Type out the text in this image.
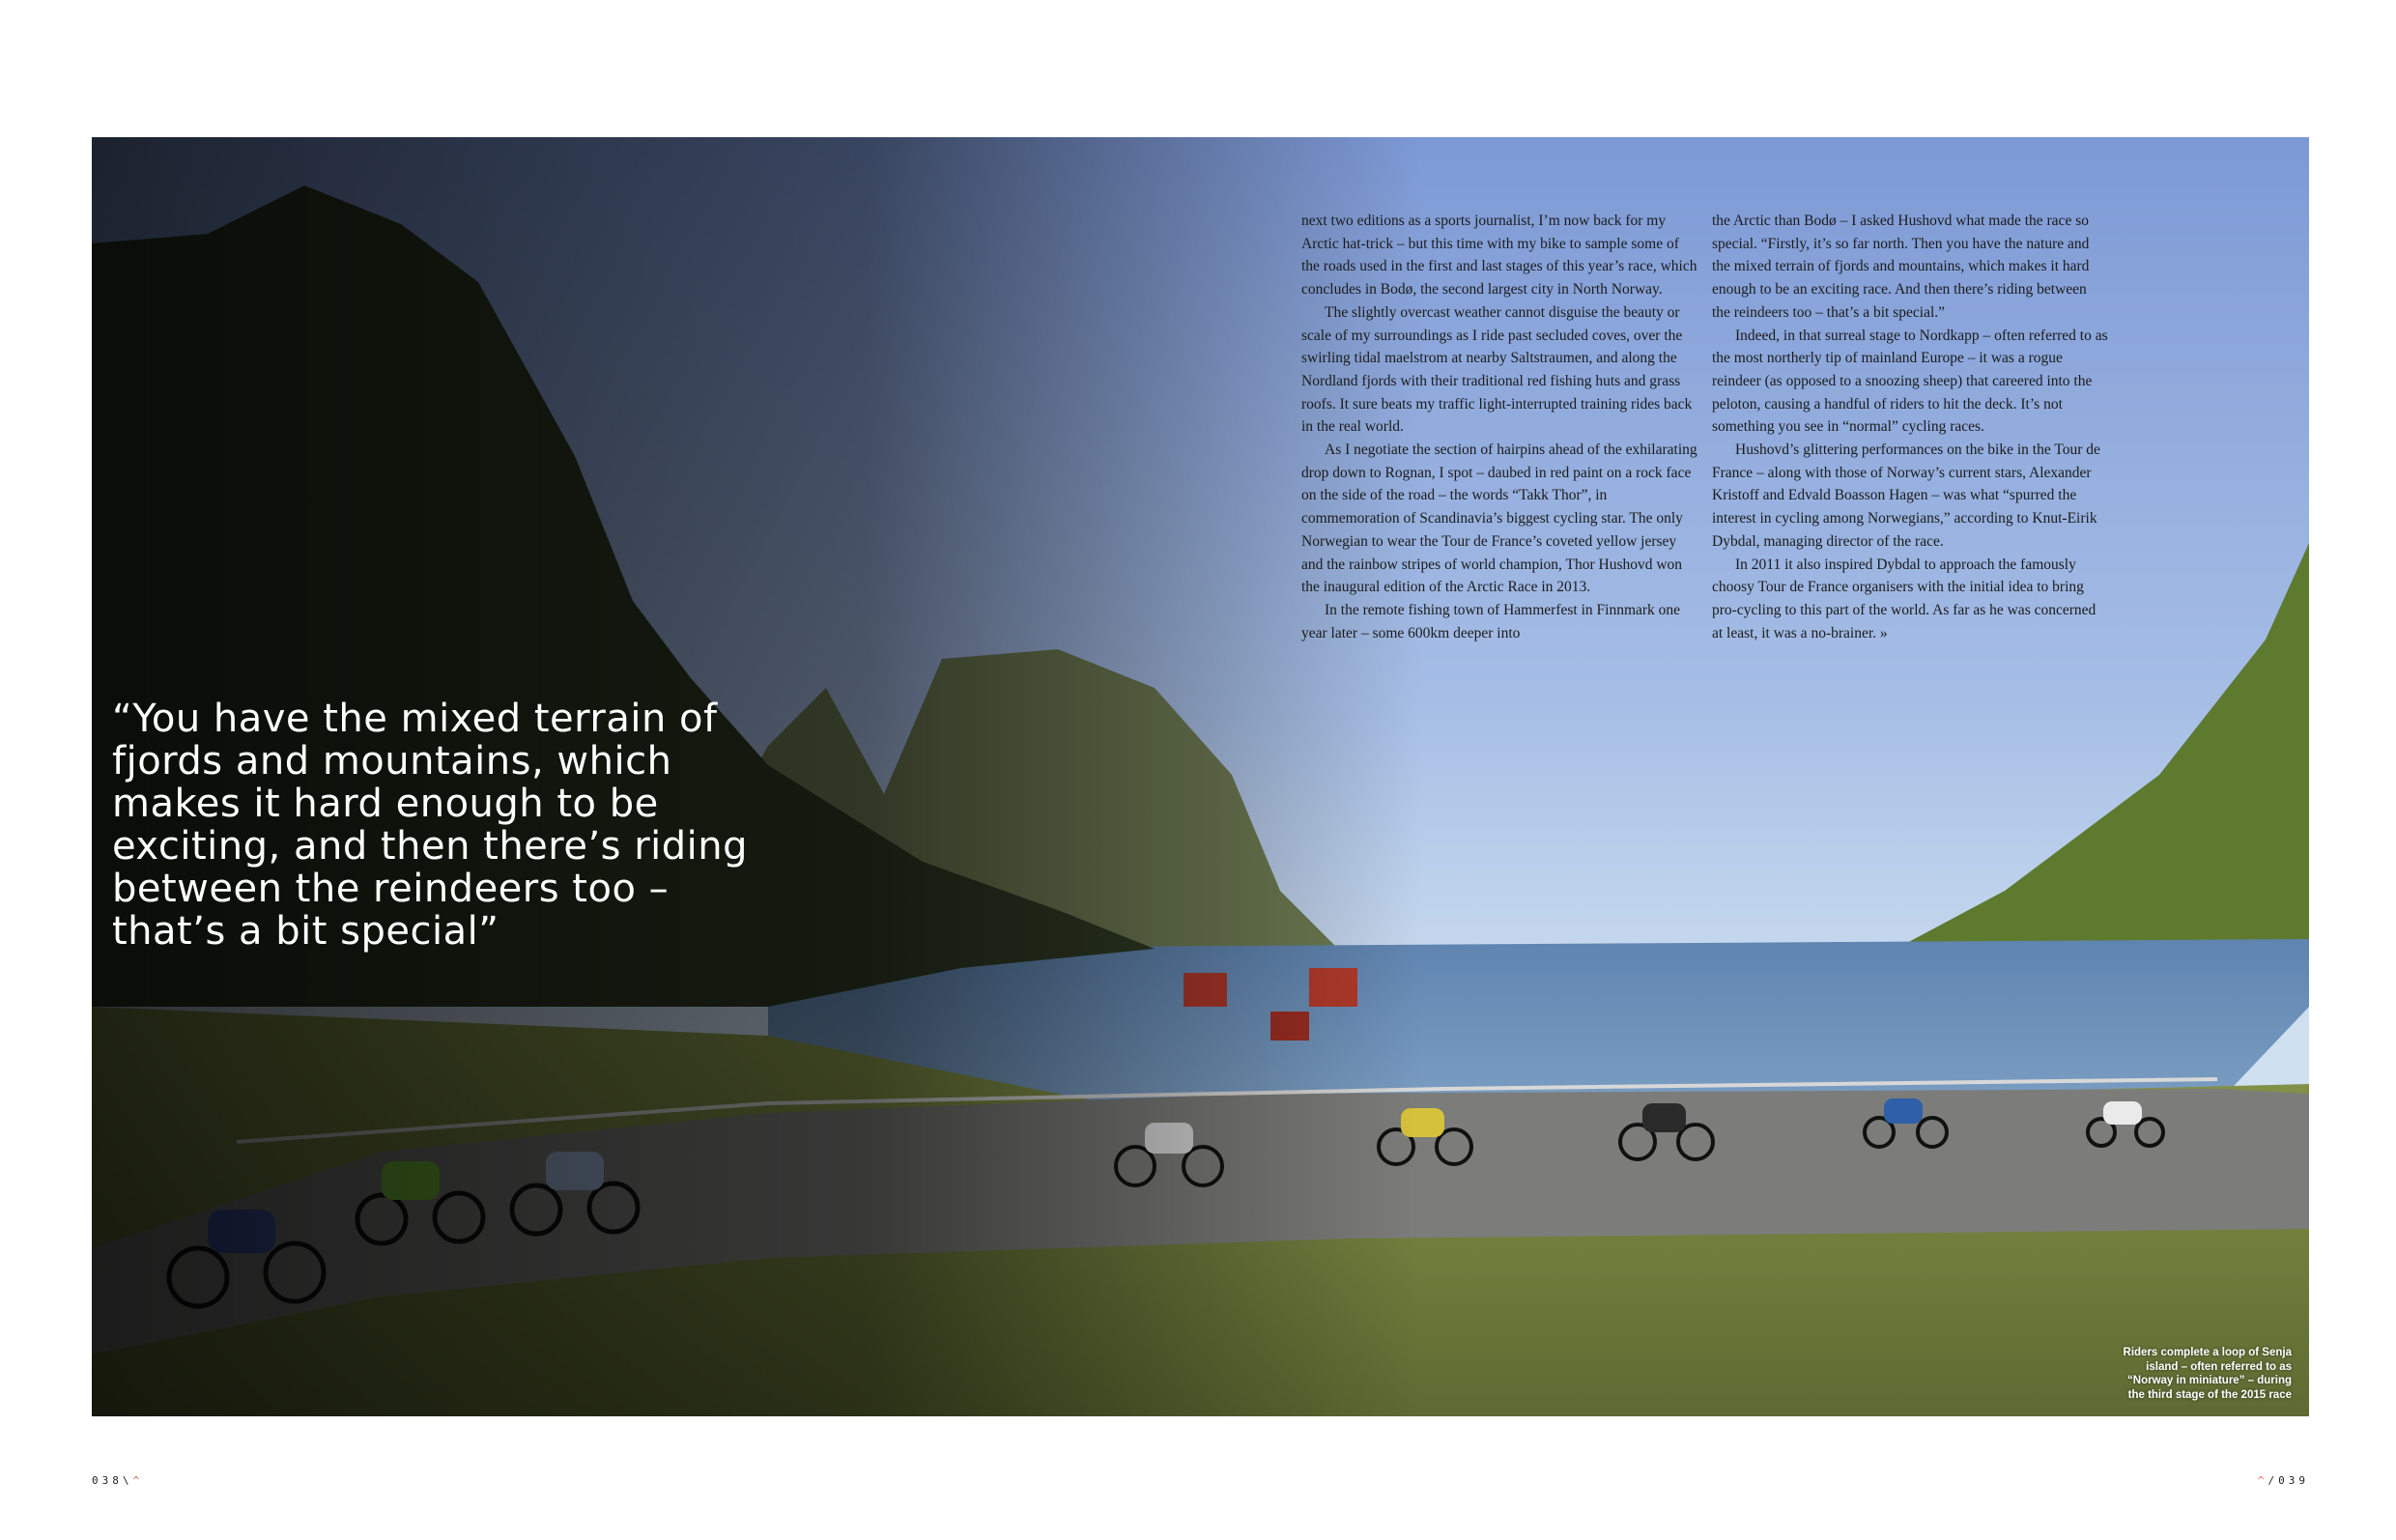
“You have the mixed terrain of fjords and mountains, which makes it hard enough to be exciting, and then there’s riding between the reindeers too – that’s a bit special”

next two editions as a sports journalist, I’m now back for my Arctic hat-trick – but this time with my bike to sample some of the roads used in the first and last stages of this year’s race, which concludes in Bodø, the second largest city in North Norway.

The slightly overcast weather cannot disguise the beauty or scale of my surroundings as I ride past secluded coves, over the swirling tidal maelstrom at nearby Saltstraumen, and along the Nordland fjords with their traditional red fishing huts and grass roofs. It sure beats my traffic light-interrupted training rides back in the real world.

As I negotiate the section of hairpins ahead of the exhilarating drop down to Rognan, I spot – daubed in red paint on a rock face on the side of the road – the words “Takk Thor”, in commemoration of Scandinavia’s biggest cycling star. The only Norwegian to wear the Tour de France’s coveted yellow jersey and the rainbow stripes of world champion, Thor Hushovd won the inaugural edition of the Arctic Race in 2013.

In the remote fishing town of Hammerfest in Finnmark one year later – some 600km deeper into

the Arctic than Bodø – I asked Hushovd what made the race so special. “Firstly, it’s so far north. Then you have the nature and the mixed terrain of fjords and mountains, which makes it hard enough to be an exciting race. And then there’s riding between the reindeers too – that’s a bit special.”

Indeed, in that surreal stage to Nordkapp – often referred to as the most northerly tip of mainland Europe – it was a rogue reindeer (as opposed to a snoozing sheep) that careered into the peloton, causing a handful of riders to hit the deck. It’s not something you see in “normal” cycling races.

Hushovd’s glittering performances on the bike in the Tour de France – along with those of Norway’s current stars, Alexander Kristoff and Edvald Boasson Hagen – was what “spurred the interest in cycling among Norwegians,” according to Knut-Eirik Dybdal, managing director of the race.

In 2011 it also inspired Dybdal to approach the famously choosy Tour de France organisers with the initial idea to bring pro-cycling to this part of the world. As far as he was concerned at least, it was a no-brainer. »

Riders complete a loop of Senja island – often referred to as “Norway in miniature” – during the third stage of the 2015 race

038\^	^/039
